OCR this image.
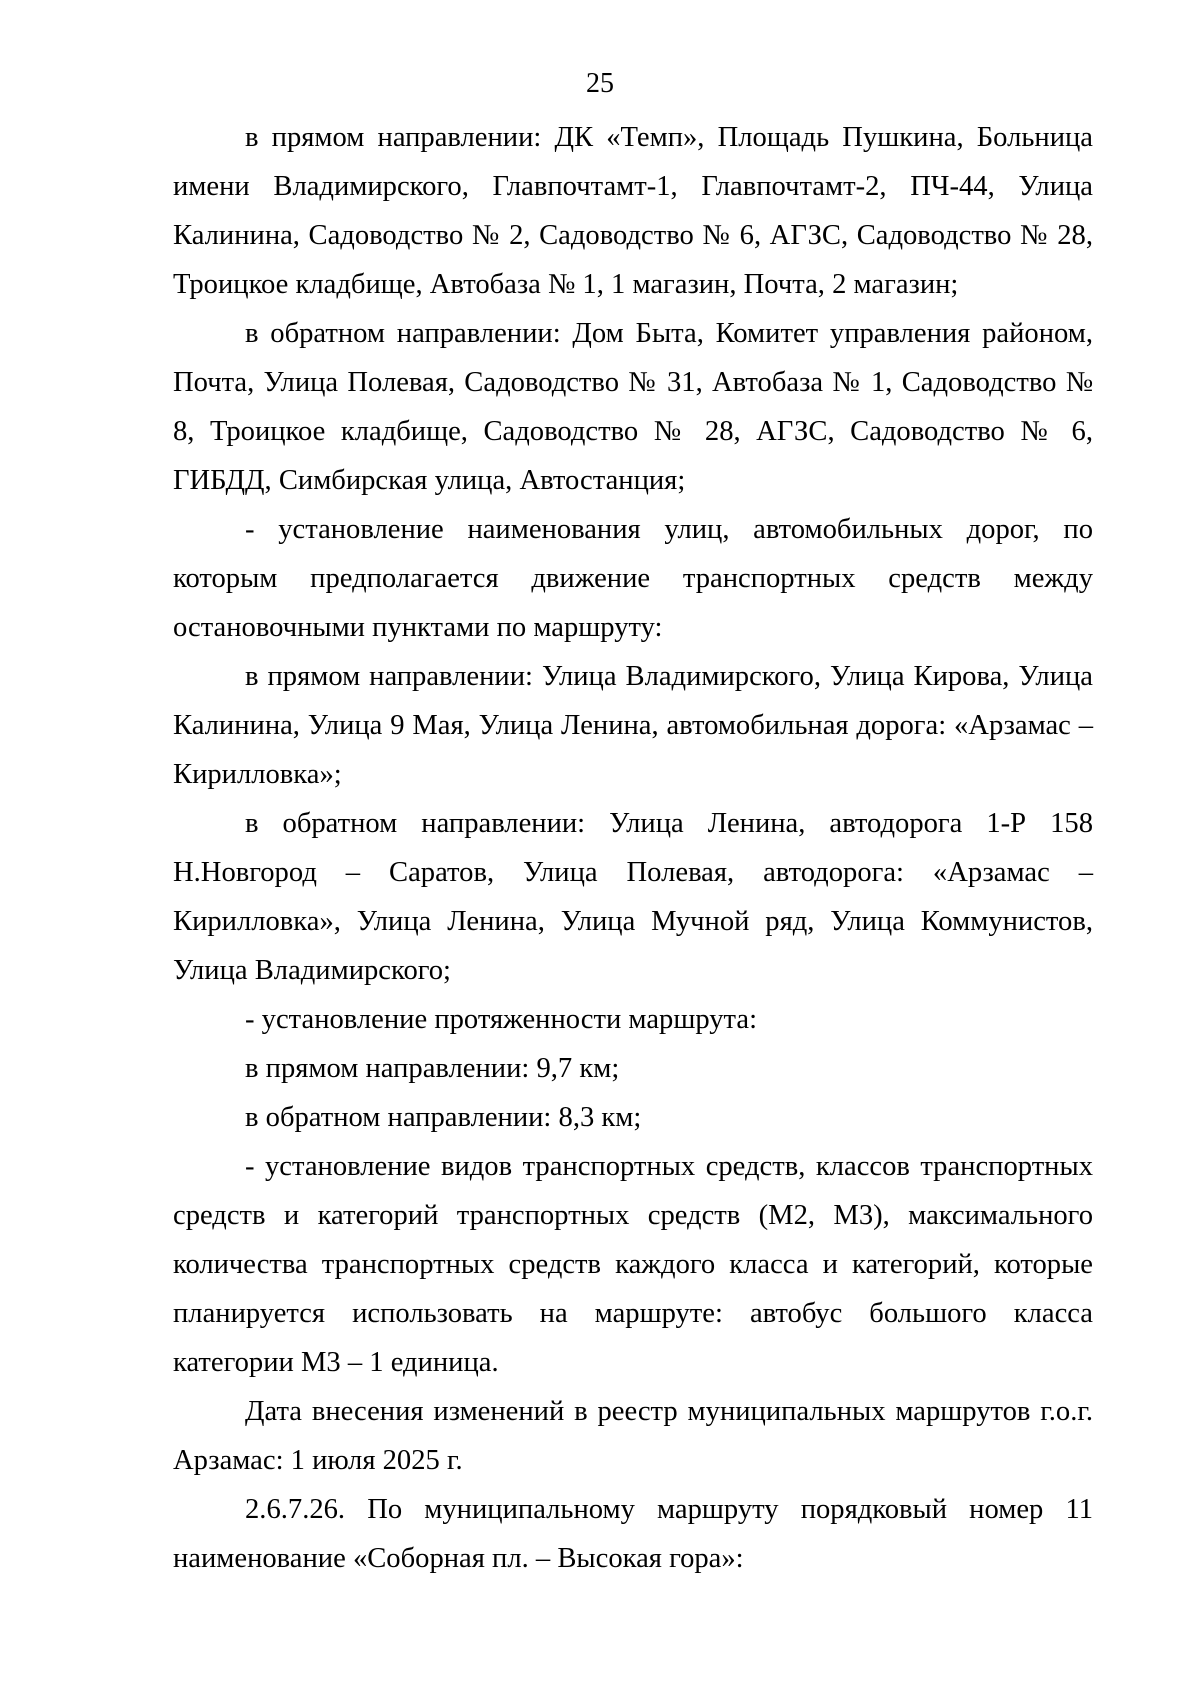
25

в прямом направлении: ДК «Темп», Площадь Пушкина, Больница имени Владимирского, Главпочтамт-1, Главпочтамт-2, ПЧ-44, Улица Калинина, Садоводство № 2, Садоводство № 6, АГЗС, Садоводство № 28, Троицкое кладбище, Автобаза № 1, 1 магазин, Почта, 2 магазин;

в обратном направлении: Дом Быта, Комитет управления районом, Почта, Улица Полевая, Садоводство № 31, Автобаза № 1, Садоводство № 8, Троицкое кладбище, Садоводство № 28, АГЗС, Садоводство № 6, ГИБДД, Симбирская улица, Автостанция;

- установление наименования улиц, автомобильных дорог, по которым предполагается движение транспортных средств между остановочными пунктами по маршруту:

в прямом направлении: Улица Владимирского, Улица Кирова, Улица Калинина, Улица 9 Мая, Улица Ленина, автомобильная дорога: «Арзамас – Кирилловка»;

в обратном направлении: Улица Ленина, автодорога 1-Р 158 Н.Новгород – Саратов, Улица Полевая, автодорога: «Арзамас – Кирилловка», Улица Ленина, Улица Мучной ряд, Улица Коммунистов, Улица Владимирского;

- установление протяженности маршрута:

в прямом направлении: 9,7 км;

в обратном направлении: 8,3 км;

- установление видов транспортных средств, классов транспортных средств и категорий транспортных средств (М2, М3), максимального количества транспортных средств каждого класса и категорий, которые планируется использовать на маршруте: автобус большого класса категории М3 – 1 единица.

Дата внесения изменений в реестр муниципальных маршрутов г.о.г. Арзамас: 1 июля 2025 г.

2.6.7.26. По муниципальному маршруту порядковый номер 11 наименование «Соборная пл. – Высокая гора»:
